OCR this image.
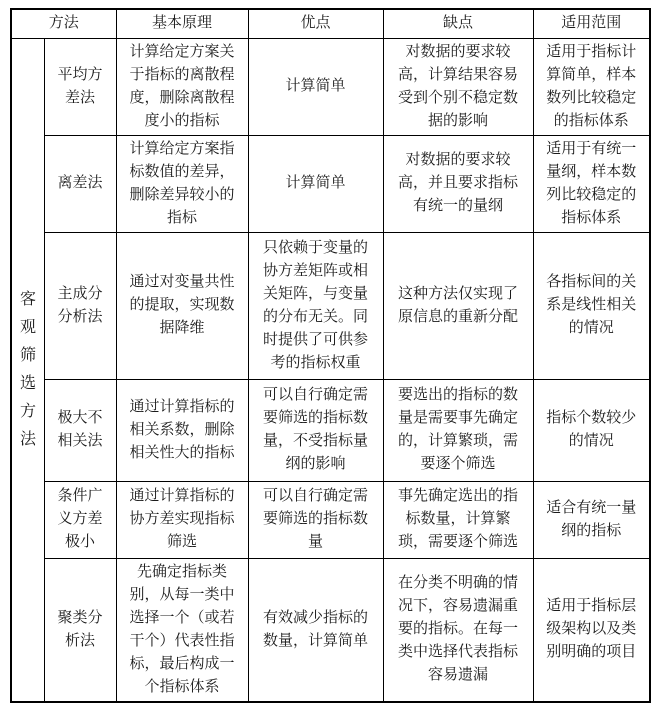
方法		基本原理	优点	缺点	适用范围

客观筛选方法	平均方差法	计算给定方案关于指标的离散程度，删除离散程度小的指标	计算简单	对数据的要求较高，计算结果容易受到个别不稳定数据的影响	适用于指标计算简单，样本数列比较稳定的指标体系
	离差法	计算给定方案指标数值的差异，删除差异较小的指标	计算简单	对数据的要求较高，并且要求指标有统一的量纲	适用于有统一量纲，样本数列比较稳定的指标体系
	主成分分析法	通过对变量共性的提取，实现数据降维	只依赖于变量的协方差矩阵或相关矩阵，与变量的分布无关。同时提供了可供参考的指标权重	这种方法仅实现了原信息的重新分配	各指标间的关系是线性相关的情况
	极大不相关法	通过计算指标的相关系数，删除相关性大的指标	可以自行确定需要筛选的指标数量，不受指标量纲的影响	要选出的指标的数量是需要事先确定的，计算繁琐，需要逐个筛选	指标个数较少的情况
	条件广义方差极小	通过计算指标的协方差实现指标筛选	可以自行确定需要筛选的指标数量	事先确定选出的指标数量，计算繁琐，需要逐个筛选	适合有统一量纲的指标
	聚类分析法	先确定指标类别，从每一类中选择一个（或若干个）代表性指标，最后构成一个指标体系	有效减少指标的数量，计算简单	在分类不明确的情况下，容易遗漏重要的指标。在每一类中选择代表指标容易遗漏	适用于指标层级架构以及类别明确的项目
